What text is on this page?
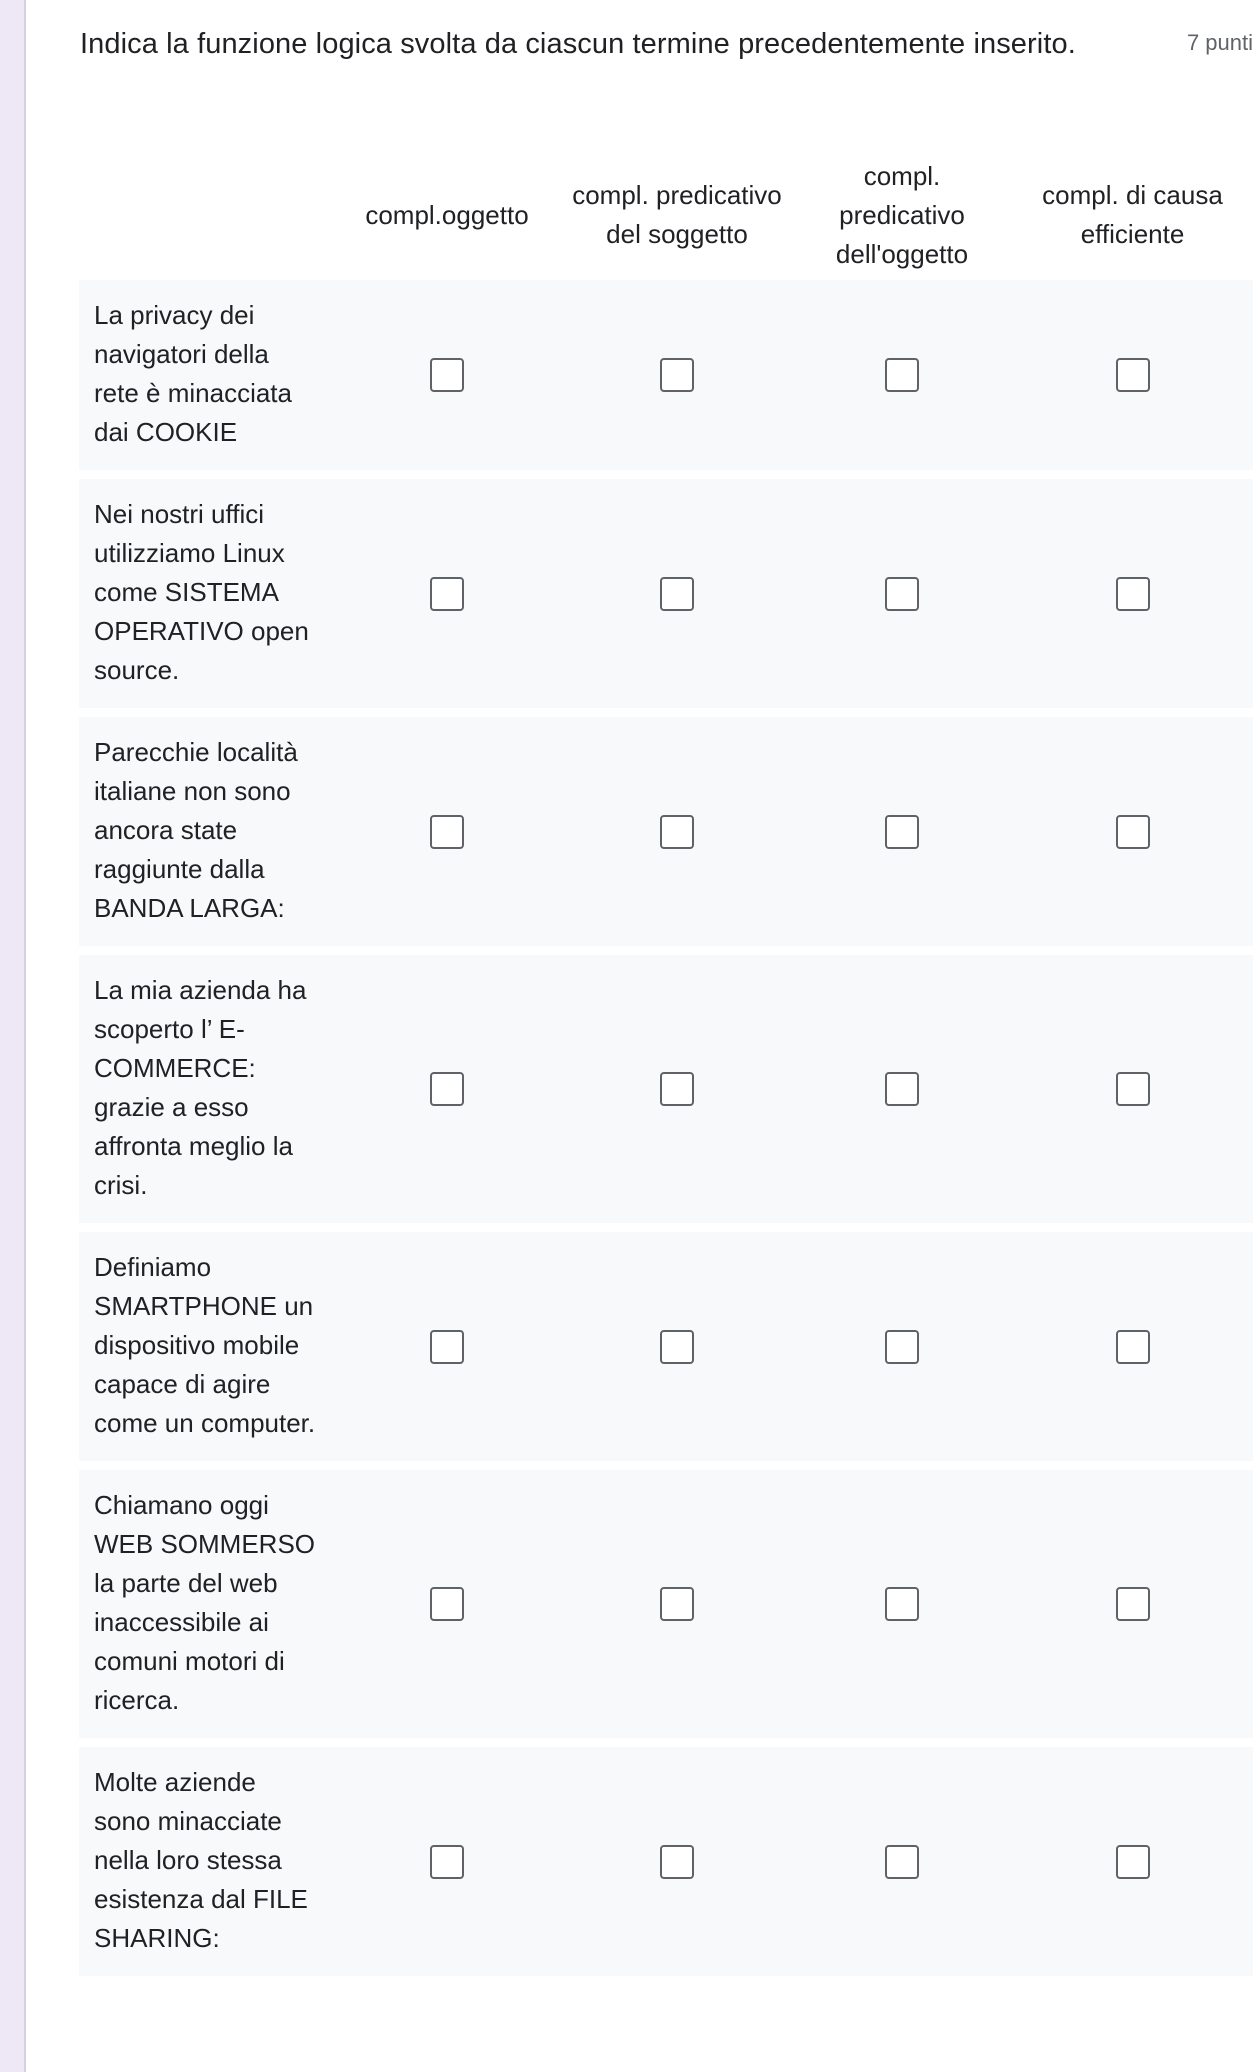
Indica la funzione logica svolta da ciascun termine precedentemente inserito.	7 punti
compl.oggetto
compl. predicativo del soggetto
compl. predicativo dell'oggetto
compl. di causa efficiente
La privacy dei navigatori della rete è minacciata dai COOKIE
Nei nostri uffici utilizziamo Linux come SISTEMA OPERATIVO open source.
Parecchie località italiane non sono ancora state raggiunte dalla BANDA LARGA:
La mia azienda ha scoperto l’ E-COMMERCE: grazie a esso affronta meglio la crisi.
Definiamo SMARTPHONE un dispositivo mobile capace di agire come un computer.
Chiamano oggi WEB SOMMERSO la parte del web inaccessibile ai comuni motori di ricerca.
Molte aziende sono minacciate nella loro stessa esistenza dal FILE SHARING:
